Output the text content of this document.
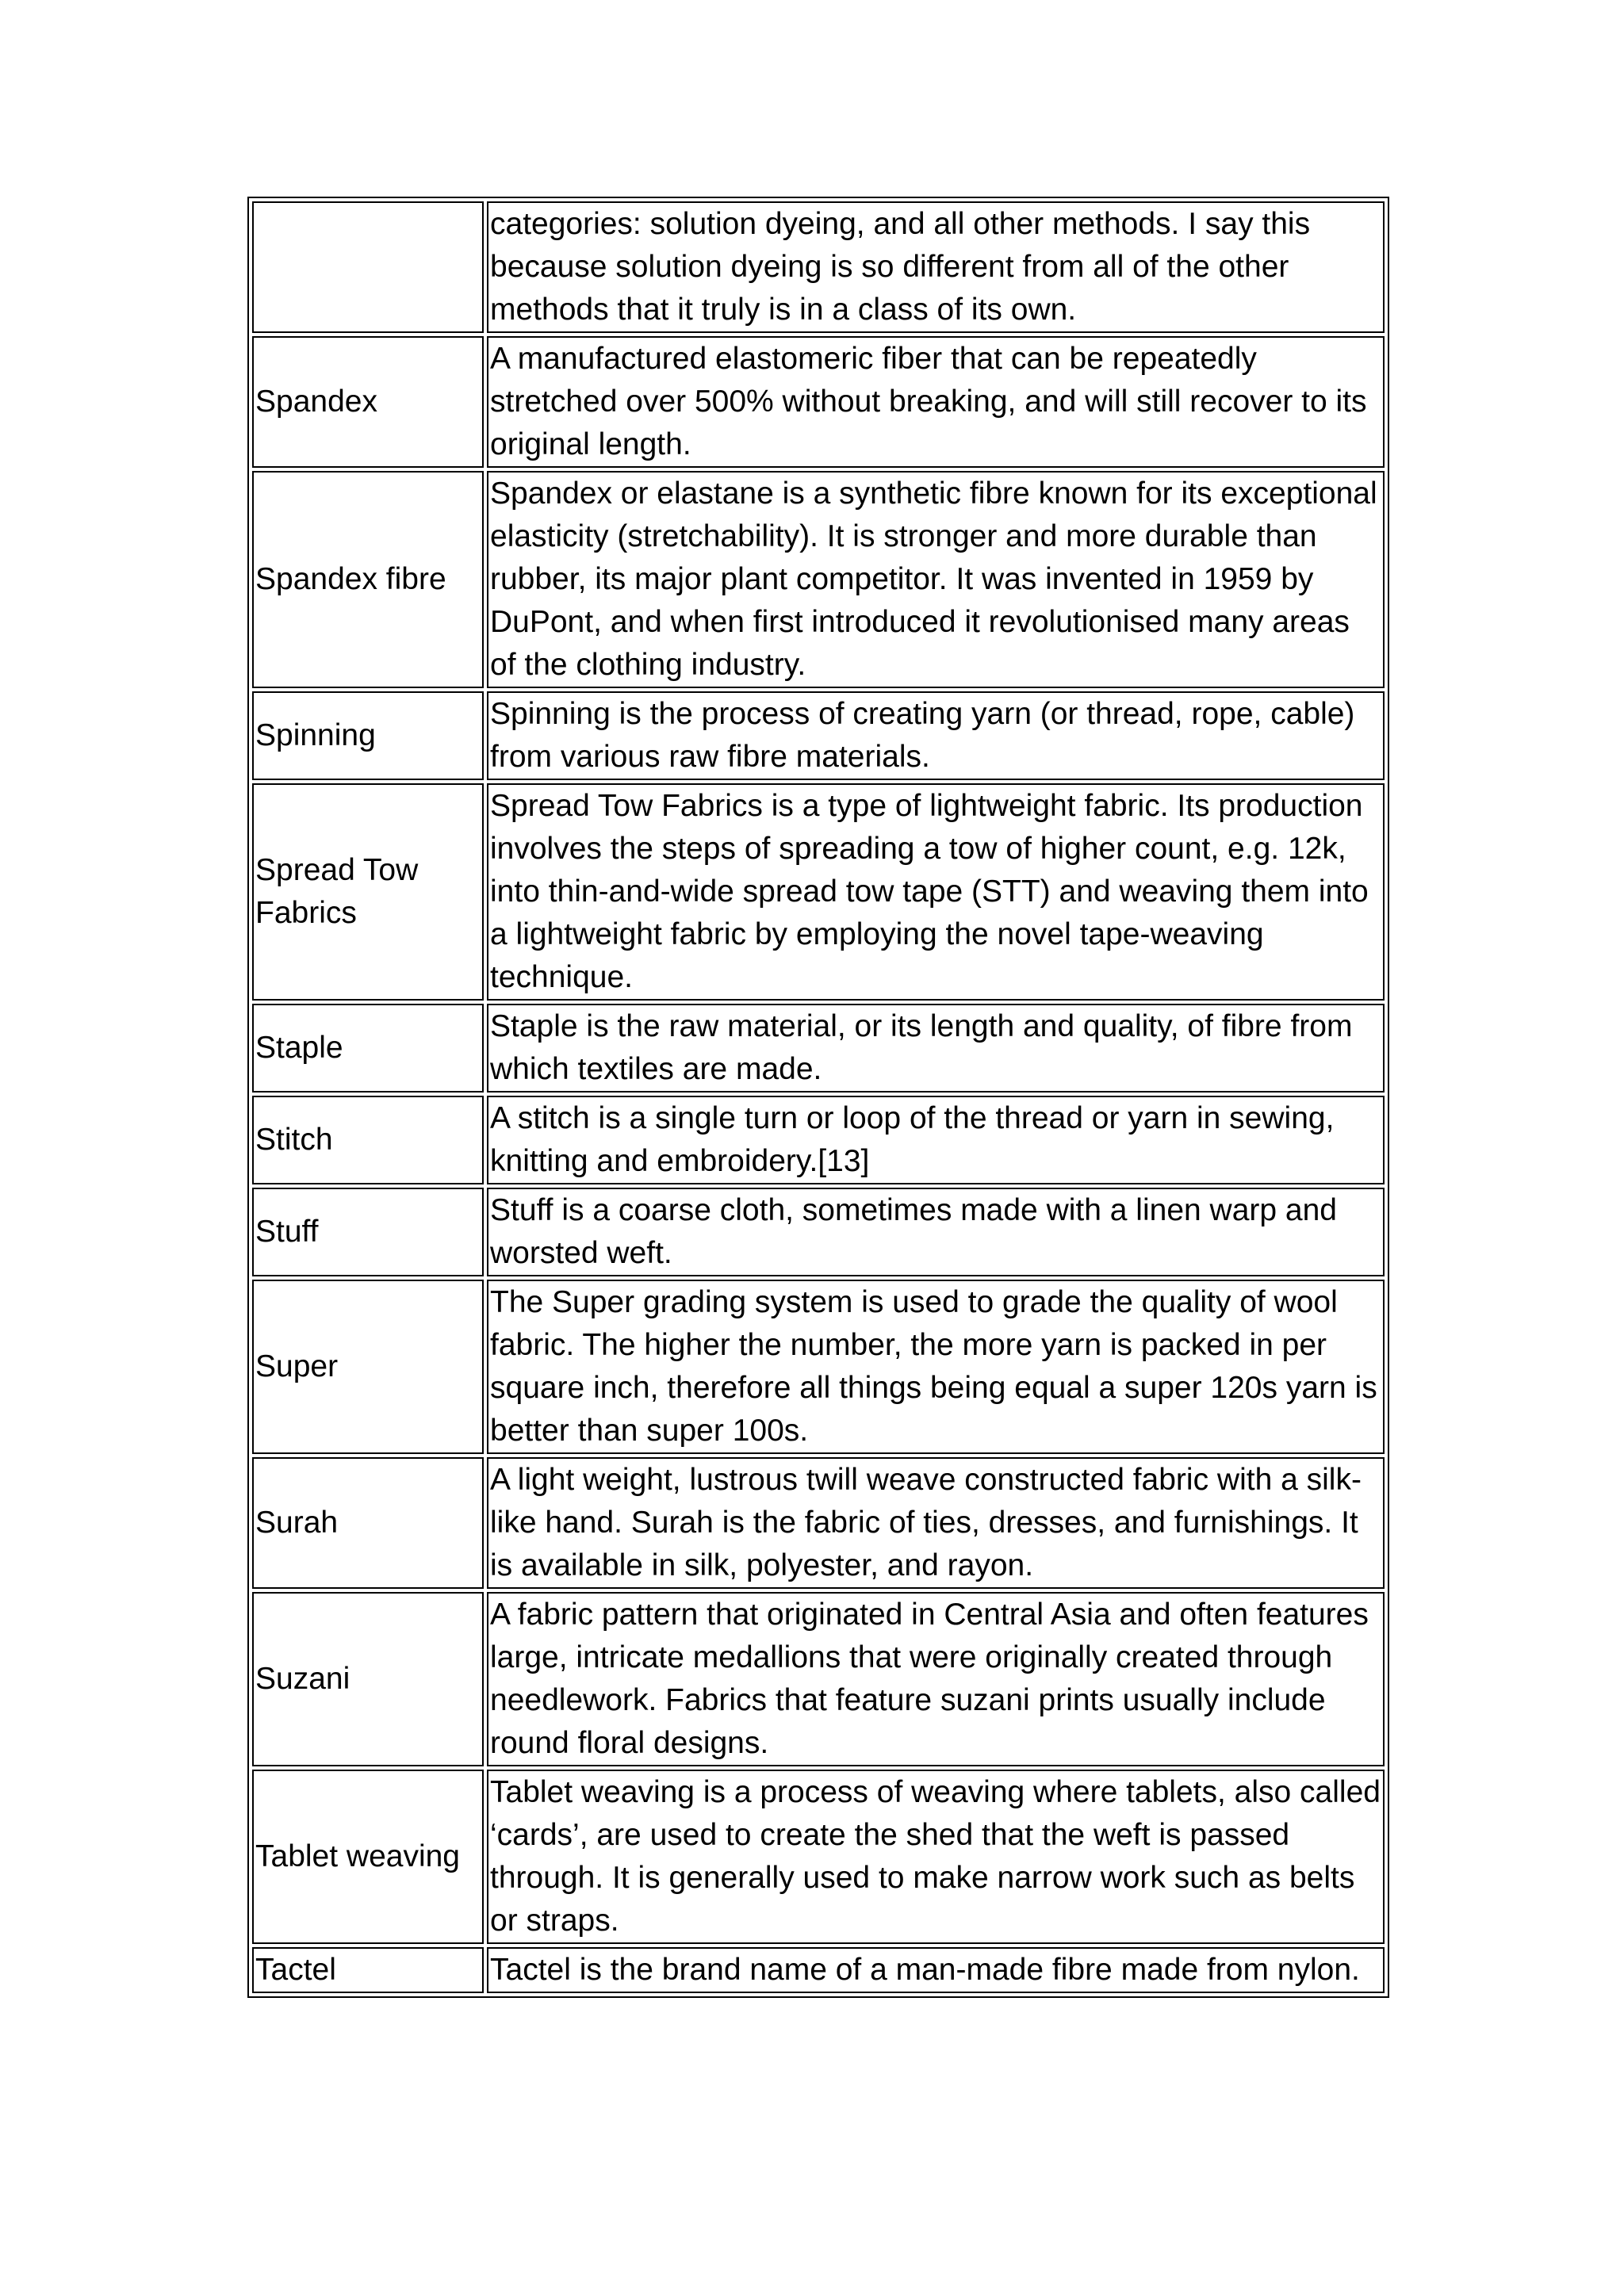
	categories: solution dyeing, and all other methods. I say this because solution dyeing is so different from all of the other methods that it truly is in a class of its own.
Spandex	A manufactured elastomeric fiber that can be repeatedly stretched over 500% without breaking, and will still recover to its original length.
Spandex fibre	Spandex or elastane is a synthetic fibre known for its exceptional elasticity (stretchability). It is stronger and more durable than rubber, its major plant competitor. It was invented in 1959 by DuPont, and when first introduced it revolutionised many areas of the clothing industry.
Spinning	Spinning is the process of creating yarn (or thread, rope, cable) from various raw fibre materials.
Spread Tow Fabrics	Spread Tow Fabrics is a type of lightweight fabric. Its production involves the steps of spreading a tow of higher count, e.g. 12k, into thin-and-wide spread tow tape (STT) and weaving them into a lightweight fabric by employing the novel tape-weaving technique.
Staple	Staple is the raw material, or its length and quality, of fibre from which textiles are made.
Stitch	A stitch is a single turn or loop of the thread or yarn in sewing, knitting and embroidery.[13]
Stuff	Stuff is a coarse cloth, sometimes made with a linen warp and worsted weft.
Super	The Super grading system is used to grade the quality of wool fabric. The higher the number, the more yarn is packed in per square inch, therefore all things being equal a super 120s yarn is better than super 100s.
Surah	A light weight, lustrous twill weave constructed fabric with a silk-like hand. Surah is the fabric of ties, dresses, and furnishings. It is available in silk, polyester, and rayon.
Suzani	A fabric pattern that originated in Central Asia and often features large, intricate medallions that were originally created through needlework. Fabrics that feature suzani prints usually include round floral designs.
Tablet weaving	Tablet weaving is a process of weaving where tablets, also called ‘cards’, are used to create the shed that the weft is passed through. It is generally used to make narrow work such as belts or straps.
Tactel	Tactel is the brand name of a man-made fibre made from nylon.
